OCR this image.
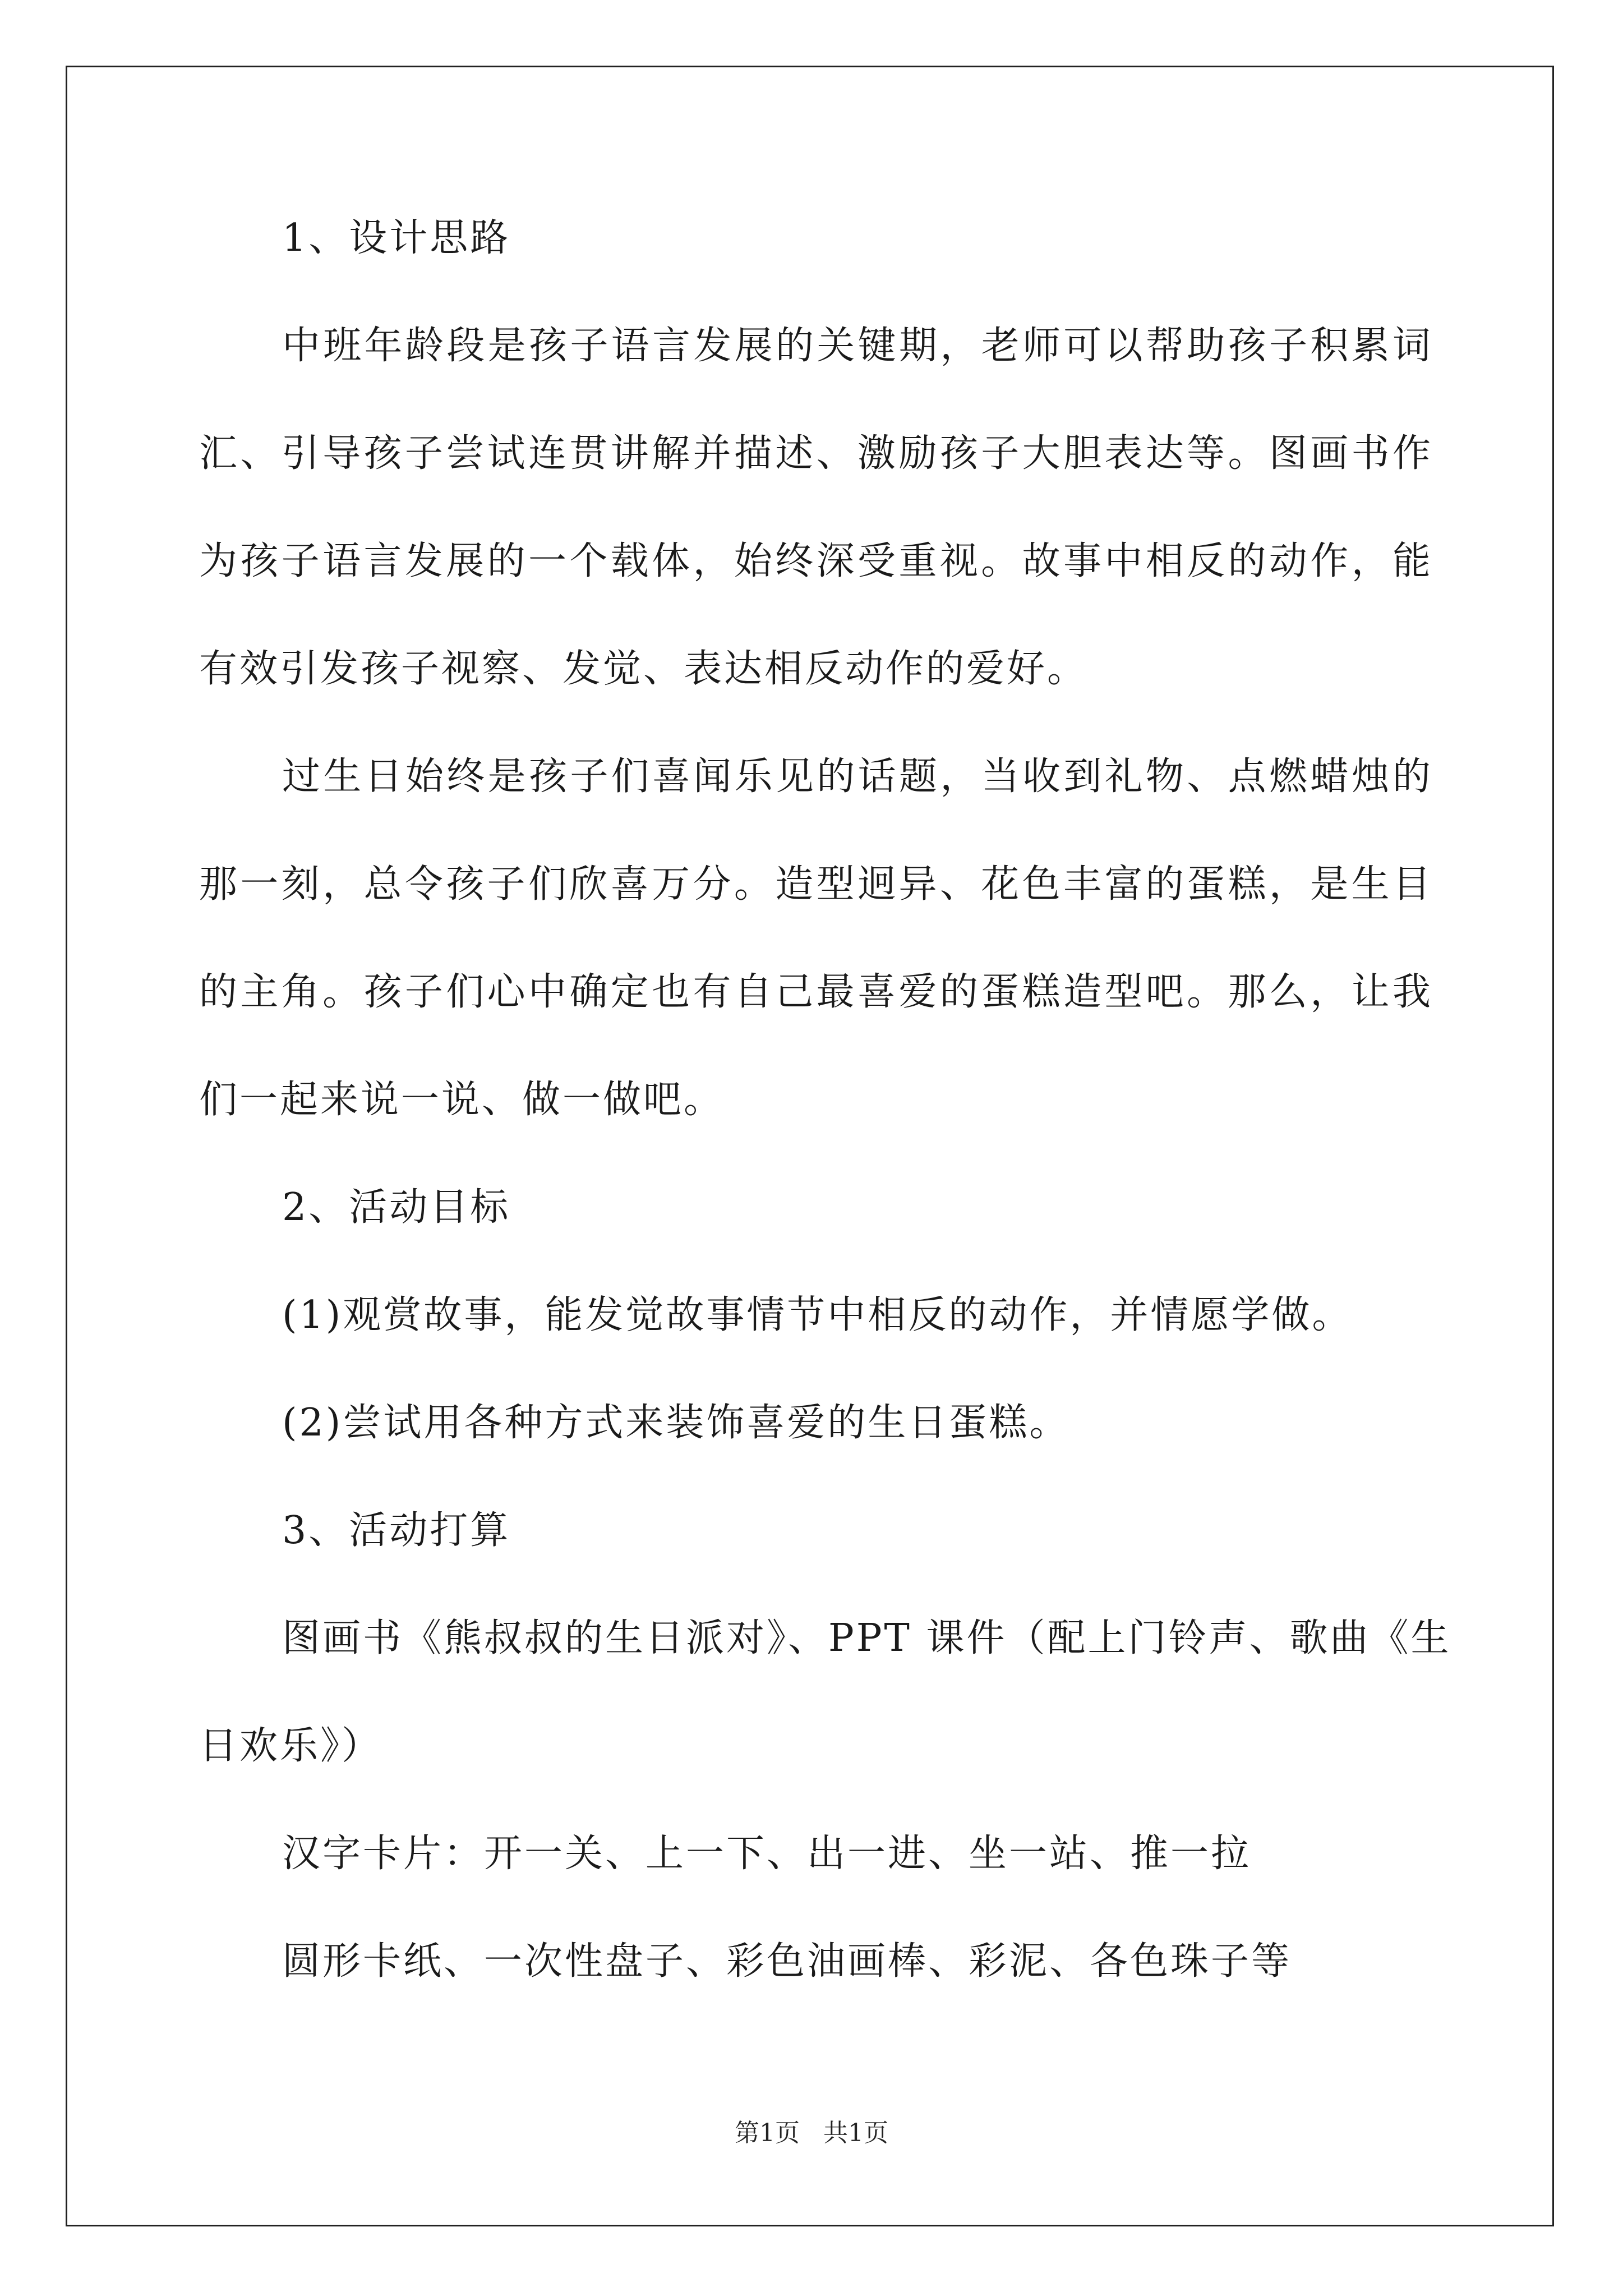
1、设计思路
中班年龄段是孩子语言发展的关键期，老师可以帮助孩子积累词
汇、引导孩子尝试连贯讲解并描述、激励孩子大胆表达等。图画书作
为孩子语言发展的一个载体，始终深受重视。故事中相反的动作，能
有效引发孩子视察、发觉、表达相反动作的爱好。
过生日始终是孩子们喜闻乐见的话题，当收到礼物、点燃蜡烛的
那一刻，总令孩子们欣喜万分。造型迥异、花色丰富的蛋糕，是生目
的主角。孩子们心中确定也有自己最喜爱的蛋糕造型吧。那么，让我
们一起来说一说、做一做吧。
2、活动目标
(1)观赏故事，能发觉故事情节中相反的动作，并情愿学做。
(2)尝试用各种方式来装饰喜爱的生日蛋糕。
3、活动打算
图画书《熊叔叔的生日派对》、PPT 课件（配上门铃声、歌曲《生
日欢乐》）
汉字卡片：开一关、上一下、出一进、坐一站、推一拉
圆形卡纸、一次性盘子、彩色油画棒、彩泥、各色珠子等
第1页 共1页
